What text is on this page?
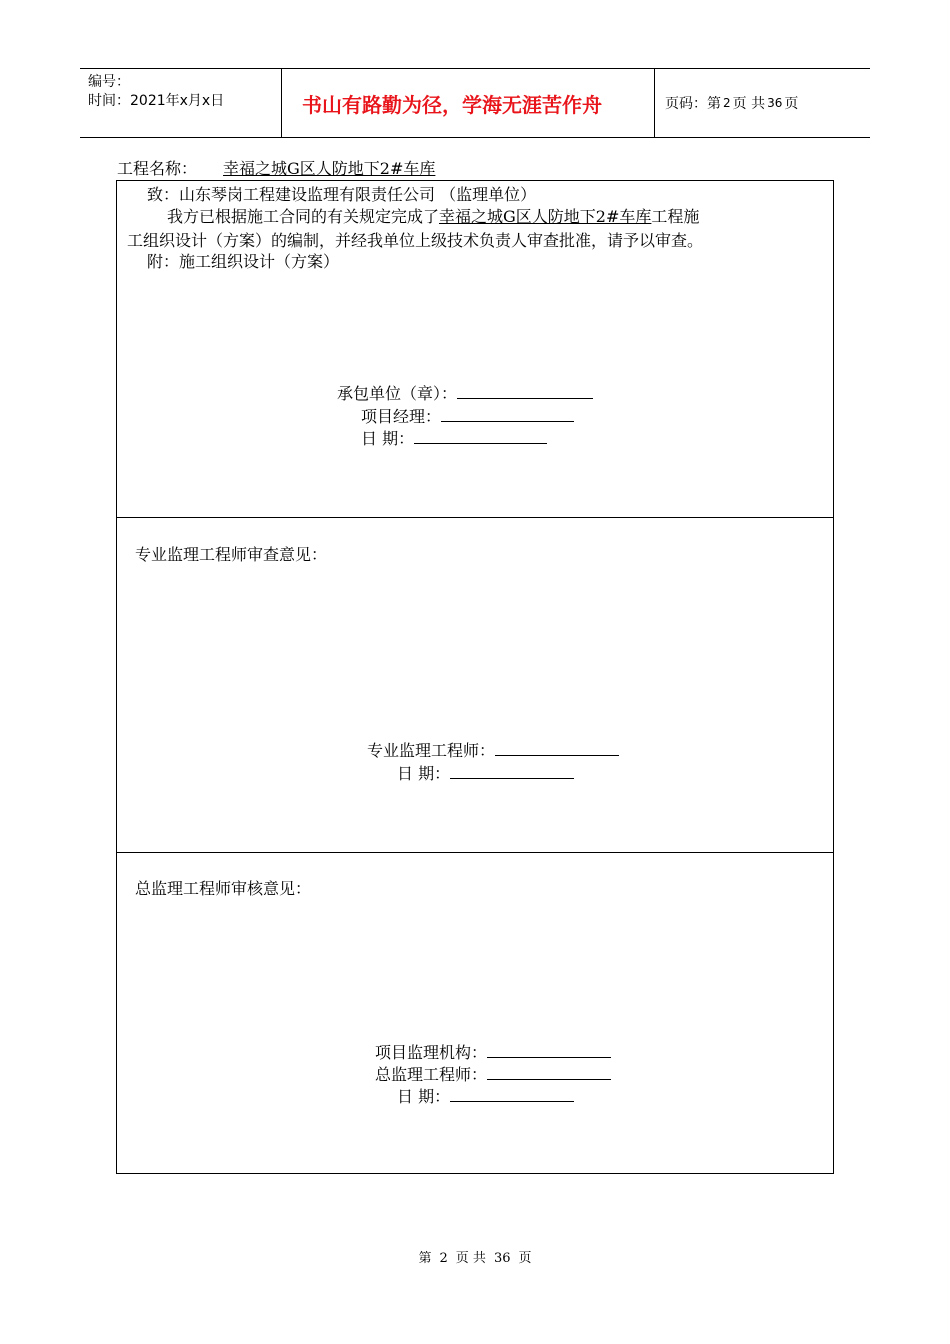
编号：
时间：2021年x月x日	书山有路勤为径，学海无涯苦作舟	页码：第 2 页 共 36 页
工程名称： 幸福之城G区人防地下2#车库
致：山东琴岗工程建设监理有限责任公司 （监理单位）
我方已根据施工合同的有关规定完成了幸福之城G区人防地下2#车库工程施
工组织设计（方案）的编制，并经我单位上级技术负责人审查批准，请予以审查。
附：施工组织设计（方案）
承包单位（章）：
项目经理：
日 期：
专业监理工程师审查意见：
专业监理工程师：
日 期：
总监理工程师审核意见：
项目监理机构：
总监理工程师：
日 期：
第 2 页 共 36 页
